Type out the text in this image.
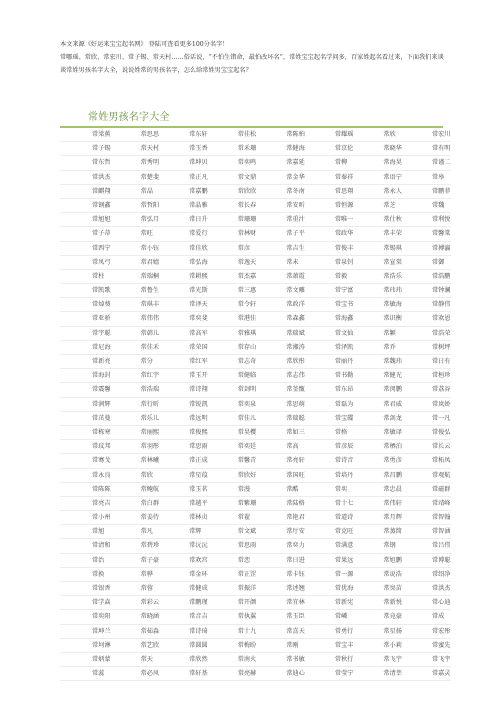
本文来源《好运来宝宝起名网》 登陆可查看更多100分名字！

常哪瑶、常欣、常宏川、常子锡、常天村……俗话说，“不怕生错命，最怕改坏名”，常姓宝宝起名学问多，百家姓起名看过来，下面我们来谈谈常姓男孩名字大全，说说姓常的男孩名字，怎么给常姓男宝宝起名？

常姓男孩名字大全
常梁蕉	常思思	常东轩	常佳松	常陈柏	常耀瑶	常欣	常宏川
常子锡	常天村	常玉香	常禾珊	常健海	常京伦	常晓华	常有明
常东哲	常秀明	常坤贝	常奕鸣	常嘉延	常柳	常海昊	常谨二
常洪杰	常楚斐	常正凡	常文鼎	常金华	常秦祥	常语宁	常皋
常麒翔	常晶	常嘉鹏	常欣欣	常冬南	常思翔	常永人	常鹏菲
常钢鑫	常哲阳	常晶雅	常长春	常安昕	常恒源	常芝	常魏
常旭旭	常弘月	常日升	常珊珊	常重汁	常唯一	常仕秋	常利悦
常子蒂	常旺	常爱行	常林财	常子平	常政华	常丰荣	常馨棠
常西宁	常小钰	常佳欣	常彦	常吉生	常俊丰	常锡琪	常搏瀛
常凤弓	常君嬉	常弘海	常逸天	常未	常泉钊	常宣棠	常御
常柱	常瑞桐	常耕熙	常杰嘉	常萧霞	常毅	常浩乐	常浩鹏
常凯歌	常鲁生	常光斯	常三惠	常文雕	常宁富	常玮玮	常钟澜
常焯葵	常琪丰	常泽天	常令轩	常政洋	常宝书	常敏海	常静伟
常亚骄	常伟伟	常奕斐	常港佳	常森鑫	常海鑫	常识衡	常欢恩
常宇聪	常韩儿	常高军	常雅琪	常瑞斌	常文仙	常颖	常浩荣
常尼海	常佳禾	常荣国	常存山	常湘涛	常泽凯	常乔	常树坪
常新亮	常分	常红军	常志奇	常欣彤	常丽丹	常魏玮	常日有
常海封	常红宇	常玉开	常健临	常志伟	常书勤	常健光	常桓珍
常震馨	常浩瑞	常诗翔	常剑明	常釜甑	常东昂	常闵鹏	常荔谷
常润辉	常行昕	常锐凯	常奕泉	常思萌	常磊为	常君威	常岚娇
常茁曼	常乐儿	常远明	常佳儿	常瑞聪	常宝碟	常剑龙	常一凡
常栋寒	常丽熙	常俊熙	常昊樱	常如三	常格	常敏译	常俊弘
常玟邦	常羽彤	常思雨	常奕廷	常高	常彦辰	常栖泊	常长云
常骞戈	常林曦	常正成	常馨青	常亮轩	常诗音	常勇彦	常柘凤
常永良	常欣	常星葭	常欣好	常国旺	常培丹	常昌鹏	常观航
常陈陈	常鲍航	常玉茗	常漫	常酷	常奕	常忠晨	常磁群
常亮吉	常白群	常越平	常紫珊	常陆格	常十七	常伟轩	常靖峰
常小州	常姜侍	常林贞	常翟	常艳君	常道诗	常月辉	常智翰
常旭	常凡	常辉	常文斌	常厅安	常克旺	常蒸简	常智涵
常清和	常碧珍	常沅沅	常思雨	常奕力	常满意	常钢	常吕伟
常治	常子豪	常欢宫	常恋	常日进	常果远	常旭鹏	常博聪
常换	常骅	常金环	常正罡	常卡钰	常一源	常说浩	常绍净
常银香	常蓉	常健成	常振洋	常述翘	常优海	常臭苗	常洪杰
常学焱	常彩云	常鹏瑾	常开颜	常宜林	常新宪	常新悦	常心迪
常奕阳	常晓涵	常音吉	常执翼	常玉臣	常嶙	常竟豪	常成
常坤兰	常茹淼	常诗琦	常十九	常喜天	常勇行	常星扬	常宏彤
常坷淋	常艺欣	常圆圆	常梅盼	常刚	常宝丰	常小莉	常蜜先
常炳蒙	常天	常欣然	常南火	常书敏	常秋行	常飞宇	常飞宇
常蕊	常必风	常轩基	常亮赫	常迪心	常莹宁	常清莘	常嘉灵
